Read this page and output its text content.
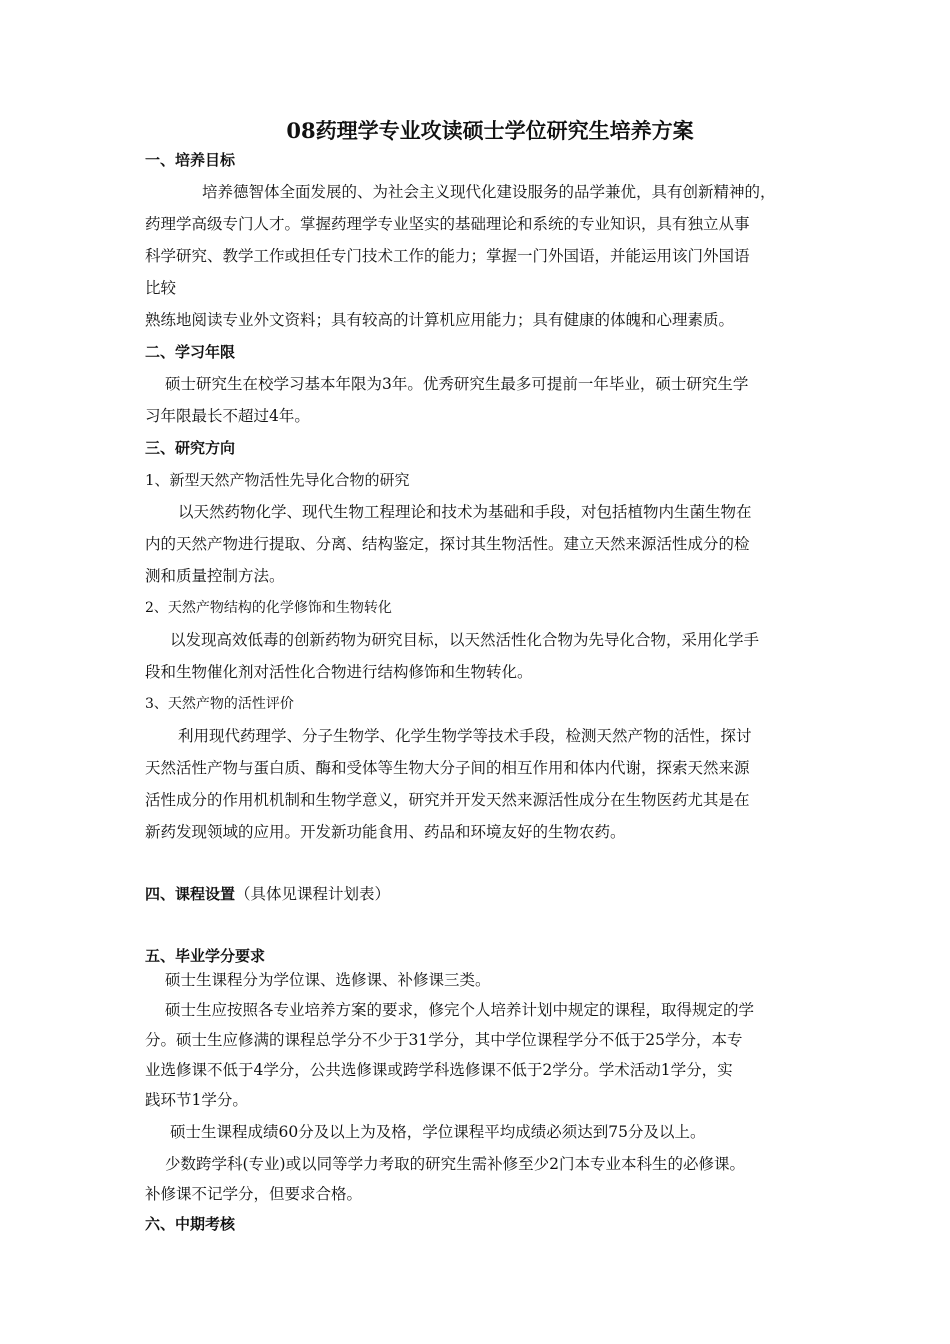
08药理学专业攻读硕士学位研究生培养方案
一、培养目标
培养德智体全面发展的、为社会主义现代化建设服务的品学兼优，具有创新精神的，
药理学高级专门人才。掌握药理学专业坚实的基础理论和系统的专业知识，具有独立从事
科学研究、教学工作或担任专门技术工作的能力；掌握一门外国语，并能运用该门外国语
比较
熟练地阅读专业外文资料；具有较高的计算机应用能力；具有健康的体魄和心理素质。
二、学习年限
硕士研究生在校学习基本年限为3年。优秀研究生最多可提前一年毕业，硕士研究生学
习年限最长不超过4年。
三、研究方向
1、新型天然产物活性先导化合物的研究
以天然药物化学、现代生物工程理论和技术为基础和手段，对包括植物内生菌生物在
内的天然产物进行提取、分离、结构鉴定，探讨其生物活性。建立天然来源活性成分的检
测和质量控制方法。
2、天然产物结构的化学修饰和生物转化
以发现高效低毒的创新药物为研究目标，以天然活性化合物为先导化合物，采用化学手
段和生物催化剂对活性化合物进行结构修饰和生物转化。
3、天然产物的活性评价
利用现代药理学、分子生物学、化学生物学等技术手段，检测天然产物的活性，探讨
天然活性产物与蛋白质、酶和受体等生物大分子间的相互作用和体内代谢，探索天然来源
活性成分的作用机机制和生物学意义，研究并开发天然来源活性成分在生物医药尤其是在
新药发现领域的应用。开发新功能食用、药品和环境友好的生物农药。
四、课程设置（具体见课程计划表）
五、毕业学分要求
硕士生课程分为学位课、选修课、补修课三类。
硕士生应按照各专业培养方案的要求，修完个人培养计划中规定的课程，取得规定的学
分。硕士生应修满的课程总学分不少于31学分，其中学位课程学分不低于25学分，本专
业选修课不低于4学分，公共选修课或跨学科选修课不低于2学分。学术活动1学分，实
践环节1学分。
硕士生课程成绩60分及以上为及格，学位课程平均成绩必须达到75分及以上。
少数跨学科(专业)或以同等学力考取的研究生需补修至少2门本专业本科生的必修课。
补修课不记学分，但要求合格。
六、中期考核
